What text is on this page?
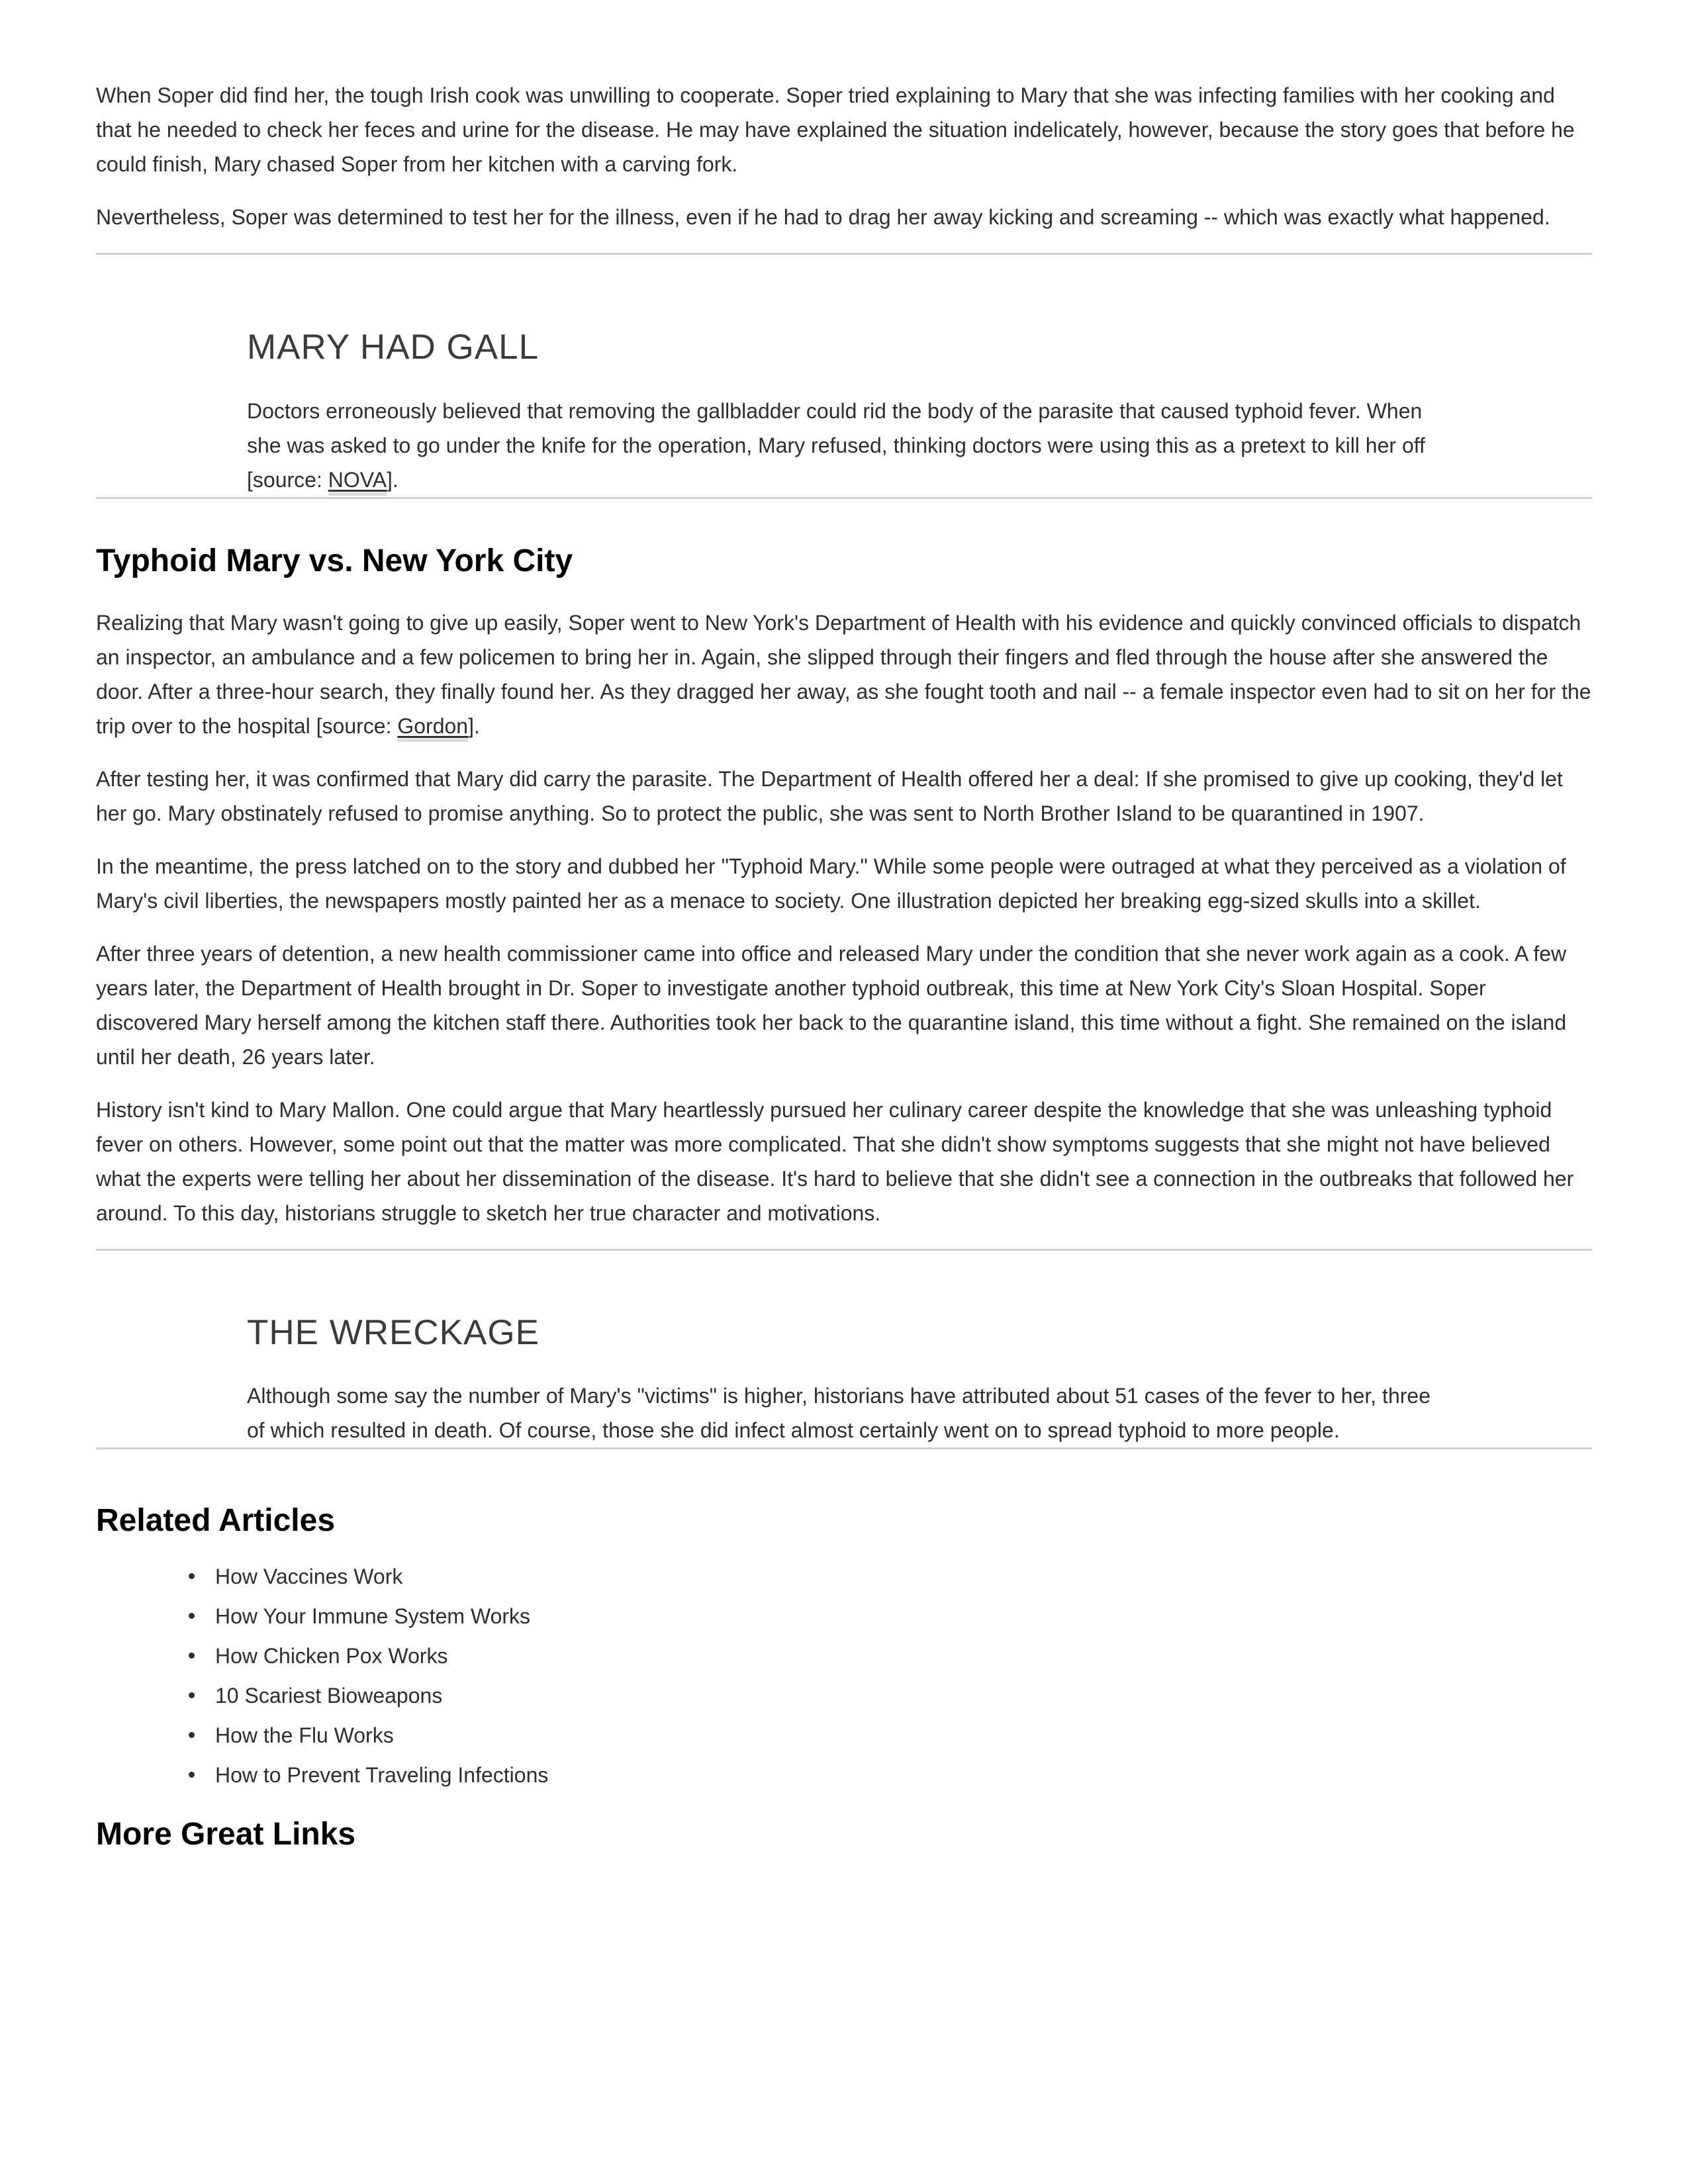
When Soper did find her, the tough Irish cook was unwilling to cooperate. Soper tried explaining to Mary that she was infecting families with her cooking and that he needed to check her feces and urine for the disease. He may have explained the situation indelicately, however, because the story goes that before he could finish, Mary chased Soper from her kitchen with a carving fork.

Nevertheless, Soper was determined to test her for the illness, even if he had to drag her away kicking and screaming -- which was exactly what happened.

MARY HAD GALL

Doctors erroneously believed that removing the gallbladder could rid the body of the parasite that caused typhoid fever. When she was asked to go under the knife for the operation, Mary refused, thinking doctors were using this as a pretext to kill her off [source: NOVA].

Typhoid Mary vs. New York City

Realizing that Mary wasn't going to give up easily, Soper went to New York's Department of Health with his evidence and quickly convinced officials to dispatch an inspector, an ambulance and a few policemen to bring her in. Again, she slipped through their fingers and fled through the house after she answered the door. After a three-hour search, they finally found her. As they dragged her away, as she fought tooth and nail -- a female inspector even had to sit on her for the trip over to the hospital [source: Gordon].

After testing her, it was confirmed that Mary did carry the parasite. The Department of Health offered her a deal: If she promised to give up cooking, they'd let her go. Mary obstinately refused to promise anything. So to protect the public, she was sent to North Brother Island to be quarantined in 1907.

In the meantime, the press latched on to the story and dubbed her "Typhoid Mary." While some people were outraged at what they perceived as a violation of Mary's civil liberties, the newspapers mostly painted her as a menace to society. One illustration depicted her breaking egg-sized skulls into a skillet.

After three years of detention, a new health commissioner came into office and released Mary under the condition that she never work again as a cook. A few years later, the Department of Health brought in Dr. Soper to investigate another typhoid outbreak, this time at New York City's Sloan Hospital. Soper discovered Mary herself among the kitchen staff there. Authorities took her back to the quarantine island, this time without a fight. She remained on the island until her death, 26 years later.

History isn't kind to Mary Mallon. One could argue that Mary heartlessly pursued her culinary career despite the knowledge that she was unleashing typhoid fever on others. However, some point out that the matter was more complicated. That she didn't show symptoms suggests that she might not have believed what the experts were telling her about her dissemination of the disease. It's hard to believe that she didn't see a connection in the outbreaks that followed her around. To this day, historians struggle to sketch her true character and motivations.

THE WRECKAGE

Although some say the number of Mary's "victims" is higher, historians have attributed about 51 cases of the fever to her, three of which resulted in death. Of course, those she did infect almost certainly went on to spread typhoid to more people.

Related Articles
How Vaccines Work
How Your Immune System Works
How Chicken Pox Works
10 Scariest Bioweapons
How the Flu Works
How to Prevent Traveling Infections
More Great Links
